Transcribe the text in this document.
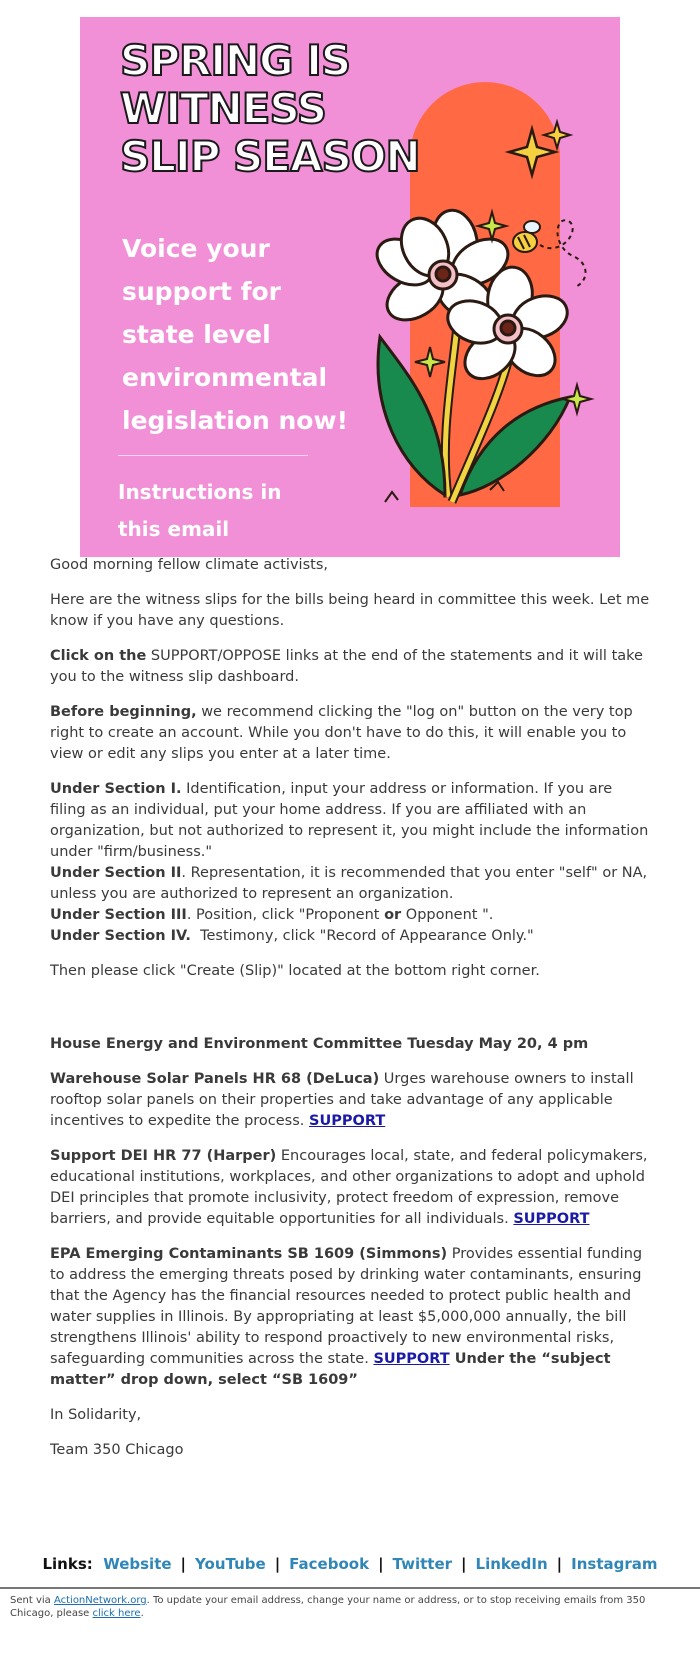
SPRING IS
WITNESS
SLIP SEASON
Voice your
support for
state level
environmental
legislation now!
Instructions in
this email

Good morning fellow climate activists,

Here are the witness slips for the bills being heard in committee this week. Let me know if you have any questions.

Click on the SUPPORT/OPPOSE links at the end of the statements and it will take you to the witness slip dashboard.

Before beginning, we recommend clicking the "log on" button on the very top right to create an account. While you don't have to do this, it will enable you to view or edit any slips you enter at a later time.

Under Section I. Identification, input your address or information. If you are filing as an individual, put your home address. If you are affiliated with an organization, but not authorized to represent it, you might include the information under "firm/business."
Under Section II. Representation, it is recommended that you enter "self" or NA, unless you are authorized to represent an organization.
Under Section III. Position, click "Proponent or Opponent ".
Under Section IV.  Testimony, click "Record of Appearance Only."

Then please click "Create (Slip)" located at the bottom right corner.

House Energy and Environment Committee Tuesday May 20, 4 pm

Warehouse Solar Panels HR 68 (DeLuca) Urges warehouse owners to install rooftop solar panels on their properties and take advantage of any applicable incentives to expedite the process. SUPPORT

Support DEI HR 77 (Harper) Encourages local, state, and federal policymakers, educational institutions, workplaces, and other organizations to adopt and uphold DEI principles that promote inclusivity, protect freedom of expression, remove barriers, and provide equitable opportunities for all individuals. SUPPORT

EPA Emerging Contaminants SB 1609 (Simmons) Provides essential funding to address the emerging threats posed by drinking water contaminants, ensuring that the Agency has the financial resources needed to protect public health and water supplies in Illinois. By appropriating at least $5,000,000 annually, the bill strengthens Illinois' ability to respond proactively to new environmental risks, safeguarding communities across the state. SUPPORT Under the “subject matter” drop down, select “SB 1609”

In Solidarity,

Team 350 Chicago

Links: Website | YouTube | Facebook | Twitter | LinkedIn | Instagram
Sent via ActionNetwork.org. To update your email address, change your name or address, or to stop receiving emails from 350 Chicago, please click here.
